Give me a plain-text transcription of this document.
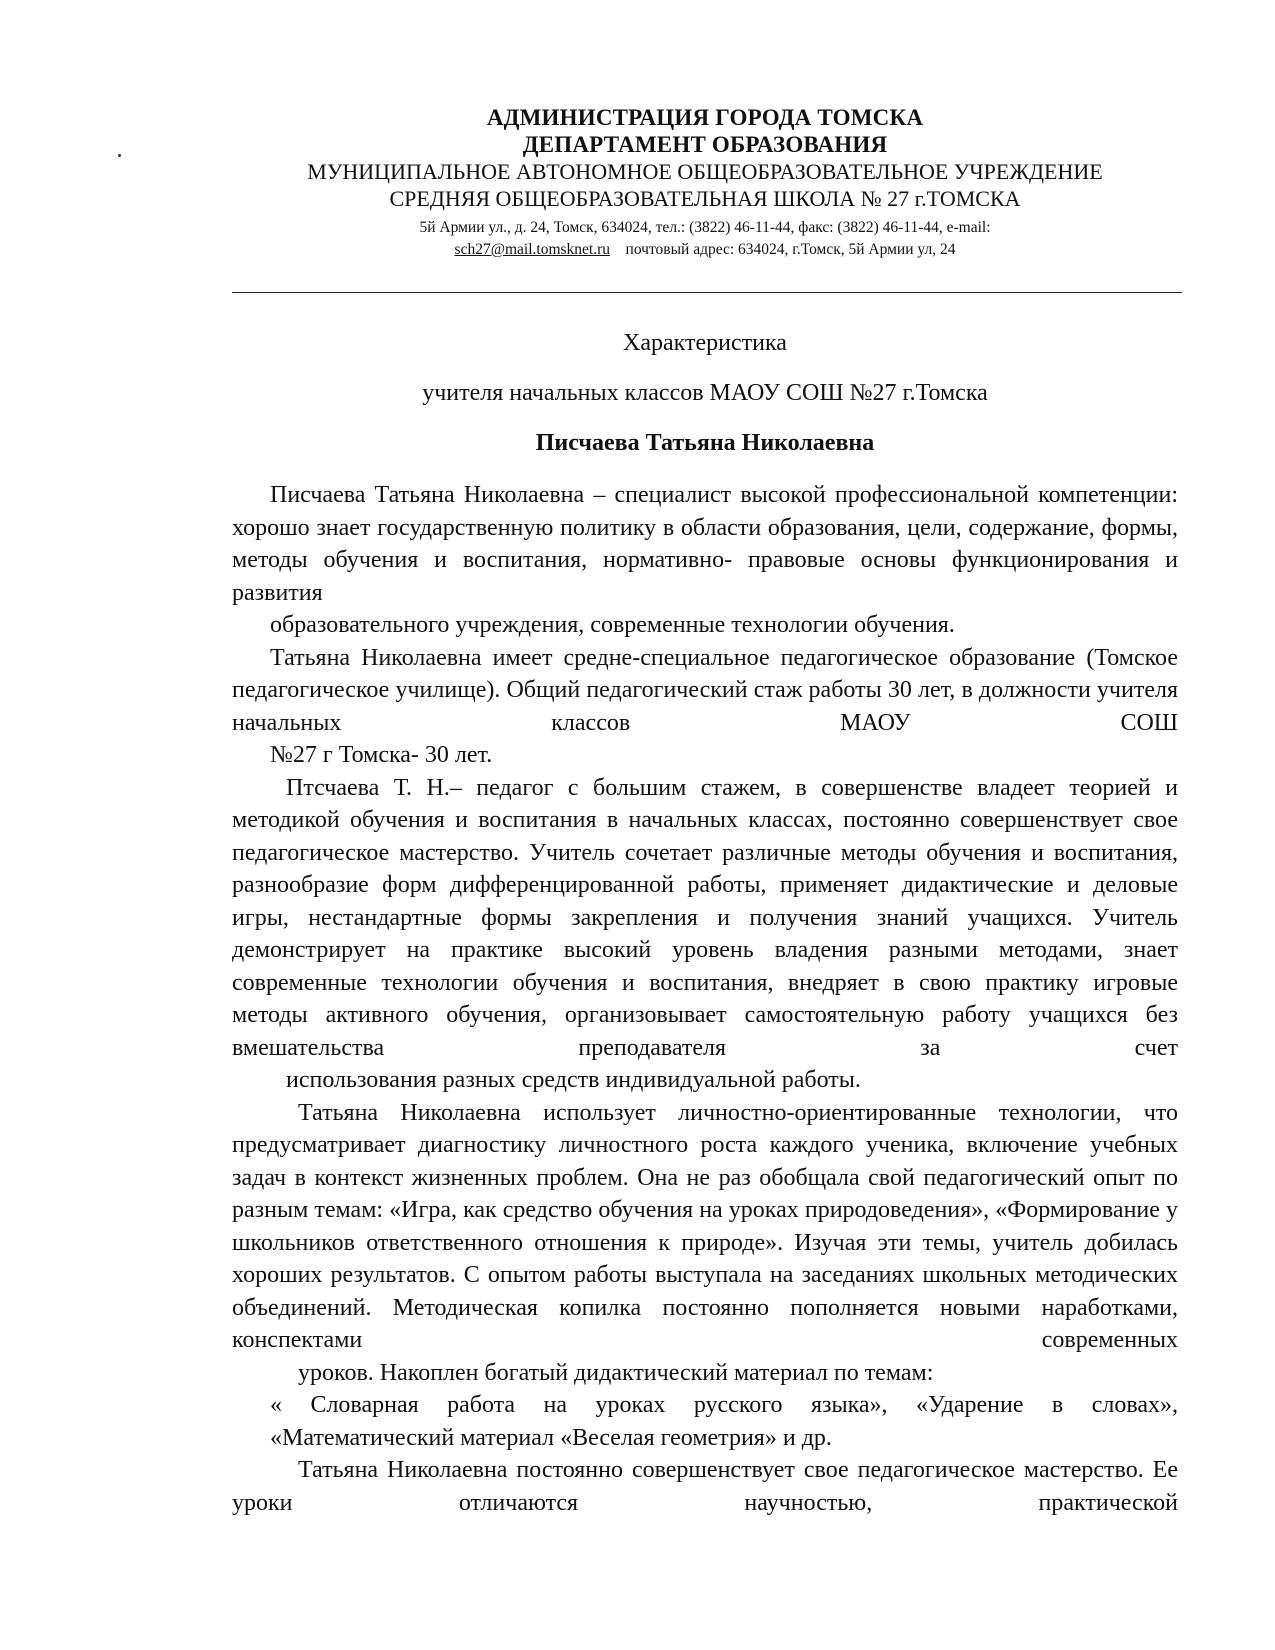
АДМИНИСТРАЦИЯ ГОРОДА ТОМСКА
ДЕПАРТАМЕНТ ОБРАЗОВАНИЯ
МУНИЦИПАЛЬНОЕ АВТОНОМНОЕ ОБЩЕОБРАЗОВАТЕЛЬНОЕ УЧРЕЖДЕНИЕ
СРЕДНЯЯ ОБЩЕОБРАЗОВАТЕЛЬНАЯ ШКОЛА № 27 г.ТОМСКА
5й Армии ул., д. 24, Томск, 634024, тел.: (3822) 46-11-44, факс: (3822) 46-11-44, e-mail:
sch27@mail.tomsknet.ru почтовый адрес: 634024, г.Томск, 5й Армии ул, 24
Характеристика
учителя начальных классов МАОУ СОШ №27 г.Томска
Писчаева Татьяна Николаевна

Писчаева Татьяна Николаевна – специалист высокой профессиональной компетенции: хорошо знает государственную политику в области образования, цели, содержание, формы, методы обучения и воспитания, нормативно- правовые основы функционирования и развития
образовательного учреждения, современные технологии обучения.

Татьяна Николаевна имеет средне-специальное педагогическое образование (Томское педагогическое училище). Общий педагогический стаж работы 30 лет, в должности учителя начальных классов МАОУ СОШ
№27 г Томска- 30 лет.

Птсчаева Т. Н.– педагог с большим стажем, в совершенстве владеет теорией и методикой обучения и воспитания в начальных классах, постоянно совершенствует свое педагогическое мастерство. Учитель сочетает различные методы обучения и воспитания, разнообразие форм дифференцированной работы, применяет дидактические и деловые игры, нестандартные формы закрепления и получения знаний учащихся. Учитель демонстрирует на практике высокий уровень владения разными методами, знает современные технологии обучения и воспитания, внедряет в свою практику игровые методы активного обучения, организовывает самостоятельную работу учащихся без вмешательства преподавателя за счет
использования разных средств индивидуальной работы.

Татьяна Николаевна использует личностно-ориентированные технологии, что предусматривает диагностику личностного роста каждого ученика, включение учебных задач в контекст жизненных проблем. Она не раз обобщала свой педагогический опыт по разным темам: «Игра, как средство обучения на уроках природоведения», «Формирование у школьников ответственного отношения к природе». Изучая эти темы, учитель добилась хороших результатов. С опытом работы выступала на заседаниях школьных методических объединений. Методическая копилка постоянно пополняется новыми наработками, конспектами современных
уроков. Накоплен богатый дидактический материал по темам:

« Словарная работа на уроках русского языка», «Ударение в словах»,
«Математический материал «Веселая геометрия» и др.

Татьяна Николаевна постоянно совершенствует свое педагогическое мастерство. Ее уроки отличаются научностью, практической
